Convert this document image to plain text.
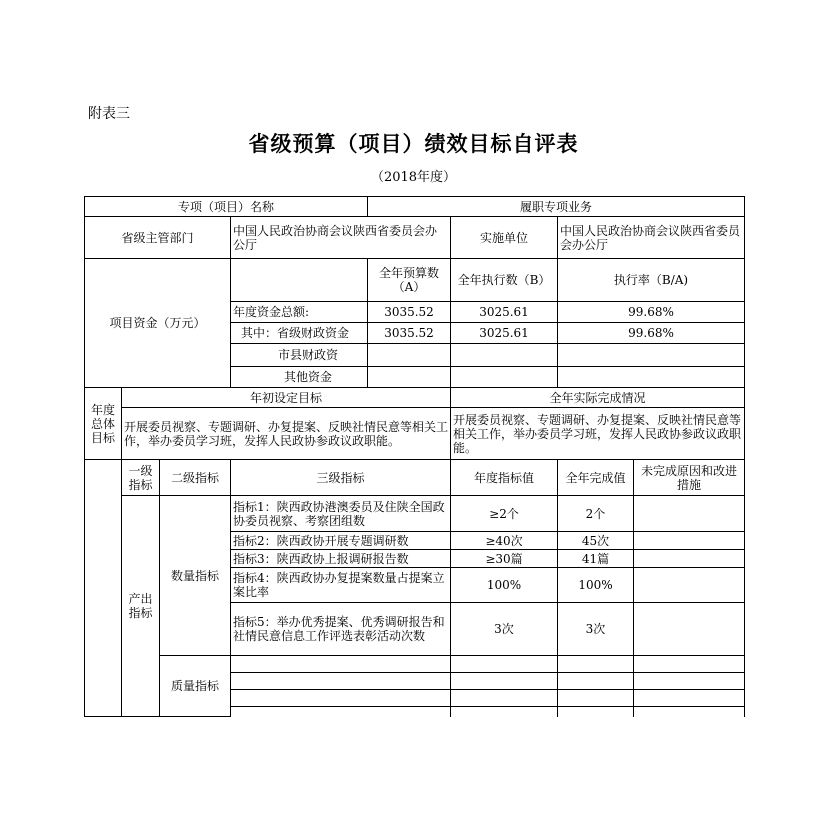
附表三
省级预算（项目）绩效目标自评表
（2018年度）
专项（项目）名称				履职专项业务			
省级主管部门			中国人民政治协商会议陕西省委员会办公厅		实施单位	中国人民政治协商会议陕西省委员会办公厅	
项目资金（万元）				全年预算数（A）	全年执行数（B）	执行率（B/A)	
			年度资金总额:	3035.52	3025.61	99.68%	
			其中：省级财政资金	3035.52	3025.61	99.68%	
			市县财政资				
			其他资金				
年度总体目标	年初设定目标				全年实际完成情况		
	开展委员视察、专题调研、办复提案、反映社情民意等相关工作，举办委员学习班，发挥人民政协参政议政职能。				开展委员视察、专题调研、办复提案、反映社情民意等相关工作，举办委员学习班，发挥人民政协参政议政职能。		
	一级指标	二级指标	三级指标		年度指标值	全年完成值	未完成原因和改进措施
	产出指标	数量指标	指标1：陕西政协港澳委员及住陕全国政协委员视察、考察团组数		≥2个	2个	
			指标2：陕西政协开展专题调研数		≥40次	45次	
			指标3：陕西政协上报调研报告数		≥30篇	41篇	
			指标4：陕西政协办复提案数量占提案立案比率		100%	100%	
			指标5：举办优秀提案、优秀调研报告和社情民意信息工作评选表彰活动次数		3次	3次	
		质量指标					
